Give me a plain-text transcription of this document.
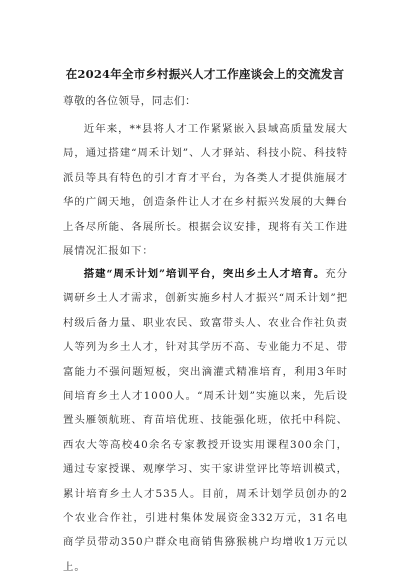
在2024年全市乡村振兴人才工作座谈会上的交流发言
尊敬的各位领导，同志们：

近年来，**县将人才工作紧紧嵌入县域高质量发展大局，通过搭建“周禾计划”、人才驿站、科技小院、科技特派员等具有特色的引才育才平台，为各类人才提供施展才华的广阔天地，创造条件让人才在乡村振兴发展的大舞台上各尽所能、各展所长。根据会议安排，现将有关工作进展情况汇报如下：

搭建“周禾计划”培训平台，突出乡土人才培育。充分调研乡土人才需求，创新实施乡村人才振兴“周禾计划”把村级后备力量、职业农民、致富带头人、农业合作社负责人等列为乡土人才，针对其学历不高、专业能力不足、带富能力不强问题短板，突出滴灌式精准培育，利用3年时间培育乡土人才1000人。“周禾计划”实施以来，先后设置头雁领航班、育苗培优班、技能强化班，依托中科院、西农大等高校40余名专家教授开设实用课程300余门，通过专家授课、观摩学习、实干家讲堂评比等培训模式，累计培育乡土人才535人。目前，周禾计划学员创办的2个农业合作社，引进村集体发展资金332万元，31名电商学员带动350户群众电商销售猕猴桃户均增收1万元以上。
